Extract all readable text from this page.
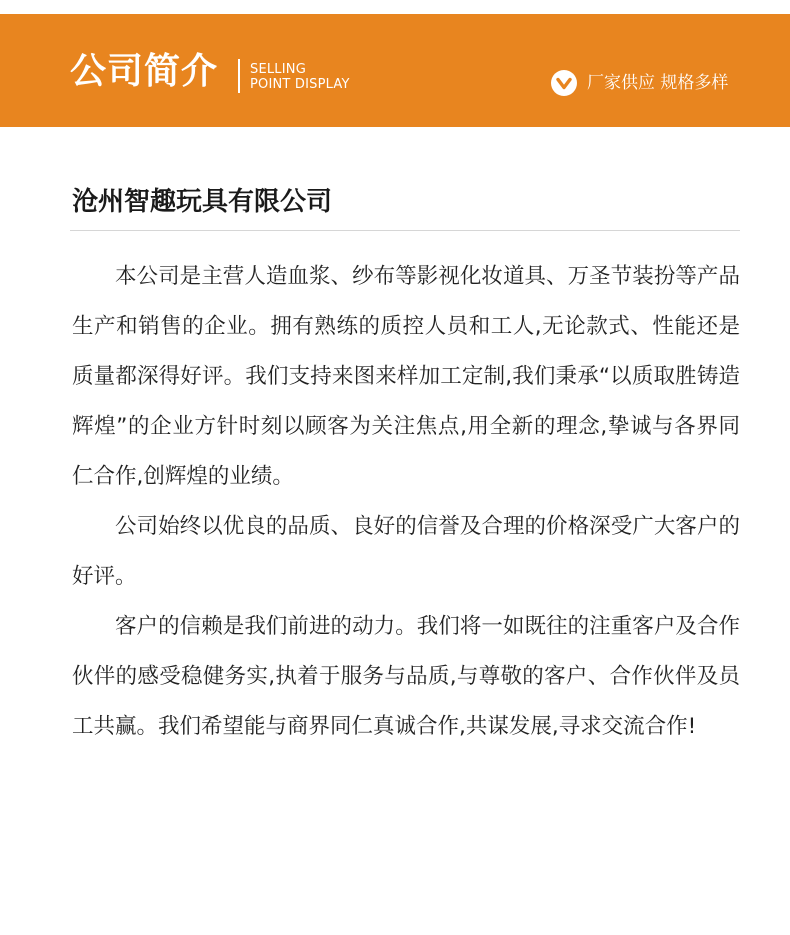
公司简介 SELLING
POINT DISPLAY	厂家供应 规格多样
沧州智趣玩具有限公司

本公司是主营人造血浆、纱布等影视化妆道具、万圣节装扮等产品生产和销售的企业。拥有熟练的质控人员和工人,无论款式、性能还是质量都深得好评。我们支持来图来样加工定制,我们秉承“以质取胜铸造辉煌”的企业方针时刻以顾客为关注焦点,用全新的理念,挚诚与各界同仁合作,创辉煌的业绩。

公司始终以优良的品质、良好的信誉及合理的价格深受广大客户的好评。

客户的信赖是我们前进的动力。我们将一如既往的注重客户及合作伙伴的感受稳健务实,执着于服务与品质,与尊敬的客户、合作伙伴及员工共赢。我们希望能与商界同仁真诚合作,共谋发展,寻求交流合作!
